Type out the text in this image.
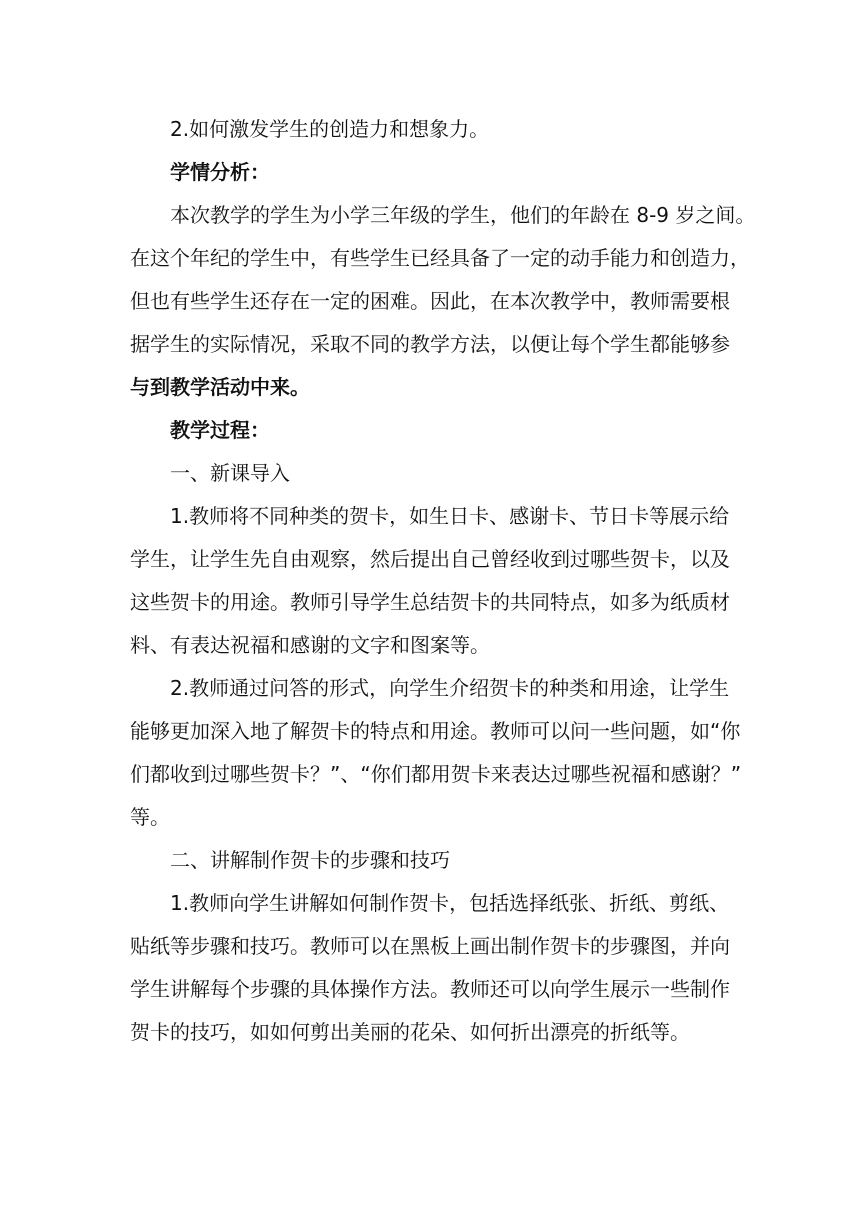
2.如何激发学生的创造力和想象力。

学情分析：

本次教学的学生为小学三年级的学生，他们的年龄在 8-9 岁之间。

在这个年纪的学生中，有些学生已经具备了一定的动手能力和创造力，

但也有些学生还存在一定的困难。因此，在本次教学中，教师需要根

据学生的实际情况，采取不同的教学方法，以便让每个学生都能够参

与到教学活动中来。

教学过程：

一、新课导入

1.教师将不同种类的贺卡，如生日卡、感谢卡、节日卡等展示给

学生，让学生先自由观察，然后提出自己曾经收到过哪些贺卡，以及

这些贺卡的用途。教师引导学生总结贺卡的共同特点，如多为纸质材

料、有表达祝福和感谢的文字和图案等。

2.教师通过问答的形式，向学生介绍贺卡的种类和用途，让学生

能够更加深入地了解贺卡的特点和用途。教师可以问一些问题，如“你

们都收到过哪些贺卡？”、“你们都用贺卡来表达过哪些祝福和感谢？”

等。

二、讲解制作贺卡的步骤和技巧

1.教师向学生讲解如何制作贺卡，包括选择纸张、折纸、剪纸、

贴纸等步骤和技巧。教师可以在黑板上画出制作贺卡的步骤图，并向

学生讲解每个步骤的具体操作方法。教师还可以向学生展示一些制作

贺卡的技巧，如如何剪出美丽的花朵、如何折出漂亮的折纸等。
